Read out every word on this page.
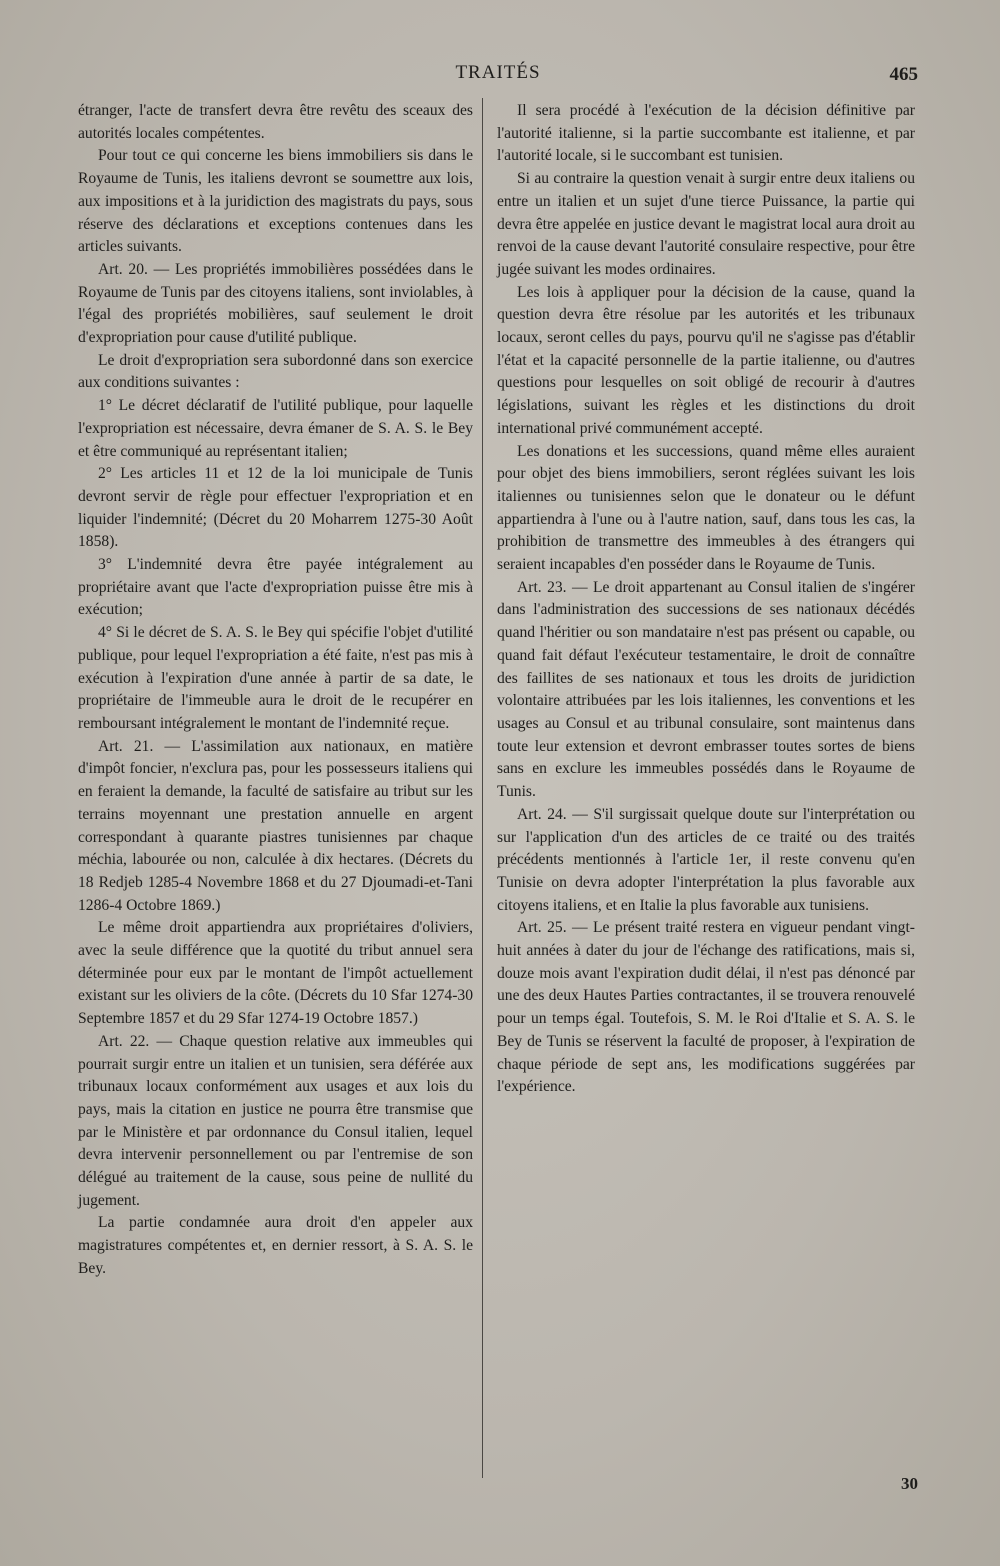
TRAITÉS	465

étranger, l'acte de transfert devra être revêtu des sceaux des autorités locales compétentes.

Pour tout ce qui concerne les biens immobiliers sis dans le Royaume de Tunis, les italiens devront se soumettre aux lois, aux impositions et à la juridiction des magistrats du pays, sous réserve des déclarations et exceptions contenues dans les articles suivants.

Art. 20. — Les propriétés immobilières possédées dans le Royaume de Tunis par des citoyens italiens, sont inviolables, à l'égal des propriétés mobilières, sauf seulement le droit d'expropriation pour cause d'utilité publique.

Le droit d'expropriation sera subordonné dans son exercice aux conditions suivantes :

1° Le décret déclaratif de l'utilité publique, pour laquelle l'expropriation est nécessaire, devra émaner de S. A. S. le Bey et être communiqué au représentant italien;

2° Les articles 11 et 12 de la loi municipale de Tunis devront servir de règle pour effectuer l'expropriation et en liquider l'indemnité; (Décret du 20 Moharrem 1275-30 Août 1858).

3° L'indemnité devra être payée intégralement au propriétaire avant que l'acte d'expropriation puisse être mis à exécution;

4° Si le décret de S. A. S. le Bey qui spécifie l'objet d'utilité publique, pour lequel l'expropriation a été faite, n'est pas mis à exécution à l'expiration d'une année à partir de sa date, le propriétaire de l'immeuble aura le droit de le recupérer en remboursant intégralement le montant de l'indemnité reçue.

Art. 21. — L'assimilation aux nationaux, en matière d'impôt foncier, n'exclura pas, pour les possesseurs italiens qui en feraient la demande, la faculté de satisfaire au tribut sur les terrains moyennant une prestation annuelle en argent correspondant à quarante piastres tunisiennes par chaque méchia, labourée ou non, calculée à dix hectares. (Décrets du 18 Redjeb 1285-4 Novembre 1868 et du 27 Djoumadi-et-Tani 1286-4 Octobre 1869.)

Le même droit appartiendra aux propriétaires d'oliviers, avec la seule différence que la quotité du tribut annuel sera déterminée pour eux par le montant de l'impôt actuellement existant sur les oliviers de la côte. (Décrets du 10 Sfar 1274-30 Septembre 1857 et du 29 Sfar 1274-19 Octobre 1857.)

Art. 22. — Chaque question relative aux immeubles qui pourrait surgir entre un italien et un tunisien, sera déférée aux tribunaux locaux conformément aux usages et aux lois du pays, mais la citation en justice ne pourra être transmise que par le Ministère et par ordonnance du Consul italien, lequel devra intervenir personnellement ou par l'entremise de son délégué au traitement de la cause, sous peine de nullité du jugement.

La partie condamnée aura droit d'en appeler aux magistratures compétentes et, en dernier ressort, à S. A. S. le Bey.

Il sera procédé à l'exécution de la décision définitive par l'autorité italienne, si la partie succombante est italienne, et par l'autorité locale, si le succombant est tunisien.

Si au contraire la question venait à surgir entre deux italiens ou entre un italien et un sujet d'une tierce Puissance, la partie qui devra être appelée en justice devant le magistrat local aura droit au renvoi de la cause devant l'autorité consulaire respective, pour être jugée suivant les modes ordinaires.

Les lois à appliquer pour la décision de la cause, quand la question devra être résolue par les autorités et les tribunaux locaux, seront celles du pays, pourvu qu'il ne s'agisse pas d'établir l'état et la capacité personnelle de la partie italienne, ou d'autres questions pour lesquelles on soit obligé de recourir à d'autres législations, suivant les règles et les distinctions du droit international privé communément accepté.

Les donations et les successions, quand même elles auraient pour objet des biens immobiliers, seront réglées suivant les lois italiennes ou tunisiennes selon que le donateur ou le défunt appartiendra à l'une ou à l'autre nation, sauf, dans tous les cas, la prohibition de transmettre des immeubles à des étrangers qui seraient incapables d'en posséder dans le Royaume de Tunis.

Art. 23. — Le droit appartenant au Consul italien de s'ingérer dans l'administration des successions de ses nationaux décédés quand l'héritier ou son mandataire n'est pas présent ou capable, ou quand fait défaut l'exécuteur testamentaire, le droit de connaître des faillites de ses nationaux et tous les droits de juridiction volontaire attribuées par les lois italiennes, les conventions et les usages au Consul et au tribunal consulaire, sont maintenus dans toute leur extension et devront embrasser toutes sortes de biens sans en exclure les immeubles possédés dans le Royaume de Tunis.

Art. 24. — S'il surgissait quelque doute sur l'interprétation ou sur l'application d'un des articles de ce traité ou des traités précédents mentionnés à l'article 1er, il reste convenu qu'en Tunisie on devra adopter l'interprétation la plus favorable aux citoyens italiens, et en Italie la plus favorable aux tunisiens.

Art. 25. — Le présent traité restera en vigueur pendant vingt-huit années à dater du jour de l'échange des ratifications, mais si, douze mois avant l'expiration dudit délai, il n'est pas dénoncé par une des deux Hautes Parties contractantes, il se trouvera renouvelé pour un temps égal. Toutefois, S. M. le Roi d'Italie et S. A. S. le Bey de Tunis se réservent la faculté de proposer, à l'expiration de chaque période de sept ans, les modifications suggérées par l'expérience.

30
